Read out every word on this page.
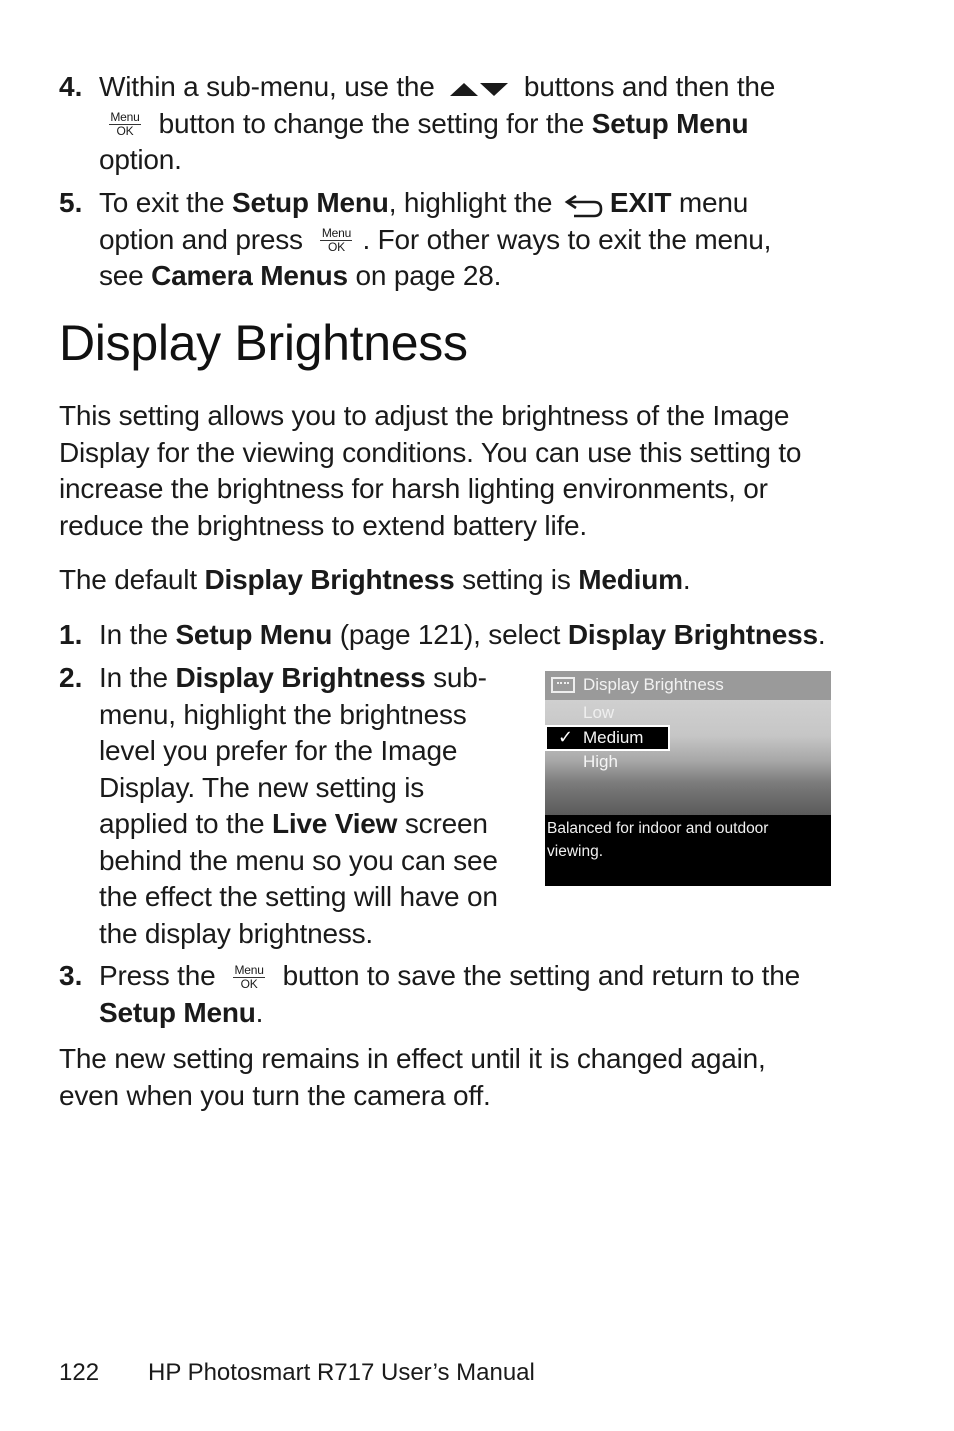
4. Within a sub-menu, use the	buttons and then the

Menu
OK button to change the setting for the Setup Menu
option.
5. To exit the Setup Menu, highlight the EXIT menu
option and press	Menu
OK . For other ways to exit the menu,
see Camera Menus on page 28.
Display Brightness
This setting allows you to adjust the brightness of the Image
Display for the viewing conditions. You can use this setting to
increase the brightness for harsh lighting environments, or
reduce the brightness to extend battery life.
The default Display Brightness setting is Medium.
1. In the Setup Menu (page 121), select Display Brightness.
2. In the Display Brightness sub-
menu, highlight the brightness
level you prefer for the Image
Display. The new setting is
applied to the Live View screen
behind the menu so you can see
the effect the setting will have on
the display brightness.
Display Brightness
Low
✓ Medium
High
Balanced for indoor and outdoor
viewing.
3. Press the	Menu
OK button to save the setting and return to the
Setup Menu.
The new setting remains in effect until it is changed again,
even when you turn the camera off.
122 HP Photosmart R717 User’s Manual
